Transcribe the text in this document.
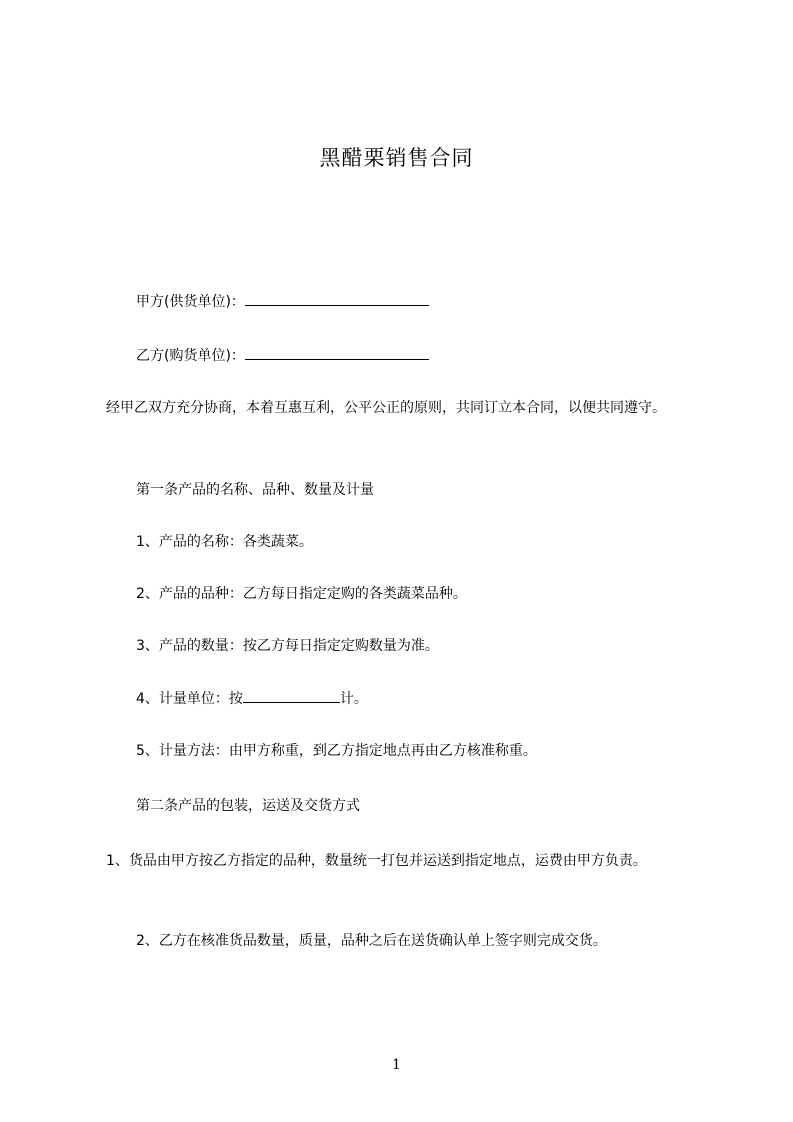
黑醋栗销售合同
甲方(供货单位)：
乙方(购货单位)：
经甲乙双方充分协商，本着互惠互利，公平公正的原则，共同订立本合同，以便共同遵守。
第一条产品的名称、品种、数量及计量
1、产品的名称：各类蔬菜。
2、产品的品种：乙方每日指定定购的各类蔬菜品种。
3、产品的数量：按乙方每日指定定购数量为准。
4、计量单位：按	计。
5、计量方法：由甲方称重，到乙方指定地点再由乙方核准称重。
第二条产品的包装，运送及交货方式
1、货品由甲方按乙方指定的品种，数量统一打包并运送到指定地点，运费由甲方负责。
2、乙方在核准货品数量，质量，品种之后在送货确认单上签字则完成交货。
1
